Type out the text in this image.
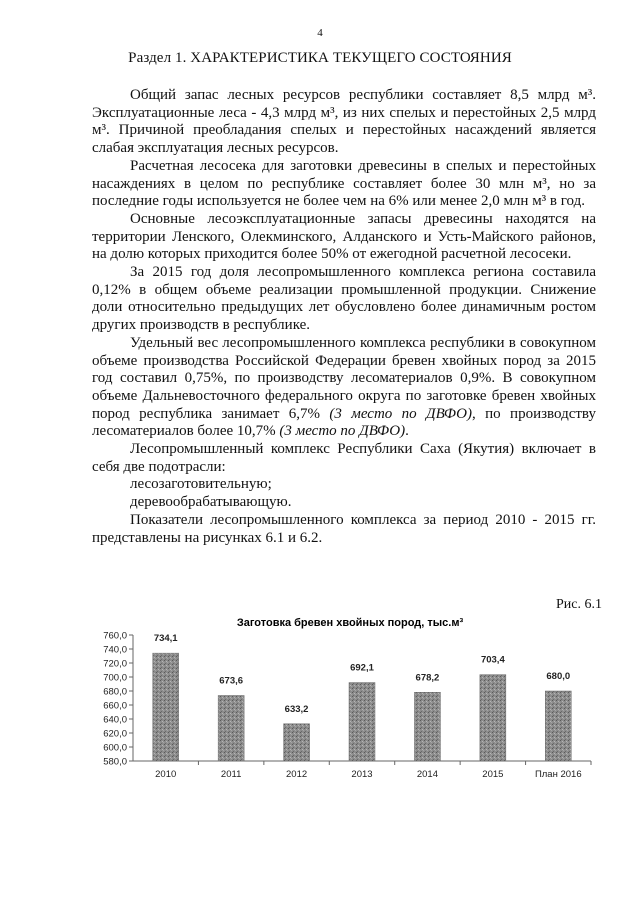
4
Раздел 1. ХАРАКТЕРИСТИКА ТЕКУЩЕГО СОСТОЯНИЯ

Общий запас лесных ресурсов республики составляет 8,5 млрд м³. Эксплуатационные леса - 4,3 млрд м³, из них спелых и перестойных 2,5 млрд м³. Причиной преобладания спелых и перестойных насаждений является слабая эксплуатация лесных ресурсов.

Расчетная лесосека для заготовки древесины в спелых и перестойных насаждениях в целом по республике составляет более 30 млн м³, но за последние годы используется не более чем на 6% или менее 2,0 млн м³ в год.

Основные лесоэксплуатационные запасы древесины находятся на территории Ленского, Олекминского, Алданского и Усть-Майского районов, на долю которых приходится более 50% от ежегодной расчетной лесосеки.

За 2015 год доля лесопромышленного комплекса региона составила 0,12% в общем объеме реализации промышленной продукции. Снижение доли относительно предыдущих лет обусловлено более динамичным ростом других производств в республике.

Удельный вес лесопромышленного комплекса республики в совокупном объеме производства Российской Федерации бревен хвойных пород за 2015 год составил 0,75%, по производству лесоматериалов 0,9%. В совокупном объеме Дальневосточного федерального округа по заготовке бревен хвойных пород республика занимает 6,7% (3 место по ДВФО), по производству лесоматериалов более 10,7% (3 место по ДВФО).

Лесопромышленный комплекс Республики Саха (Якутия) включает в себя две подотрасли:

лесозаготовительную;

деревообрабатывающую.

Показатели лесопромышленного комплекса за период 2010 - 2015 гг. представлены на рисунках 6.1 и 6.2.

Рис. 6.1
Заготовка бревен хвойных пород, тыс.м³
580,0
600,0
620,0
640,0
660,0
680,0
700,0
720,0
740,0
760,0
2010	2011	2012	2013	2014	2015	План 2016
734,1
673,6
633,2
692,1
678,2
703,4
680,0
